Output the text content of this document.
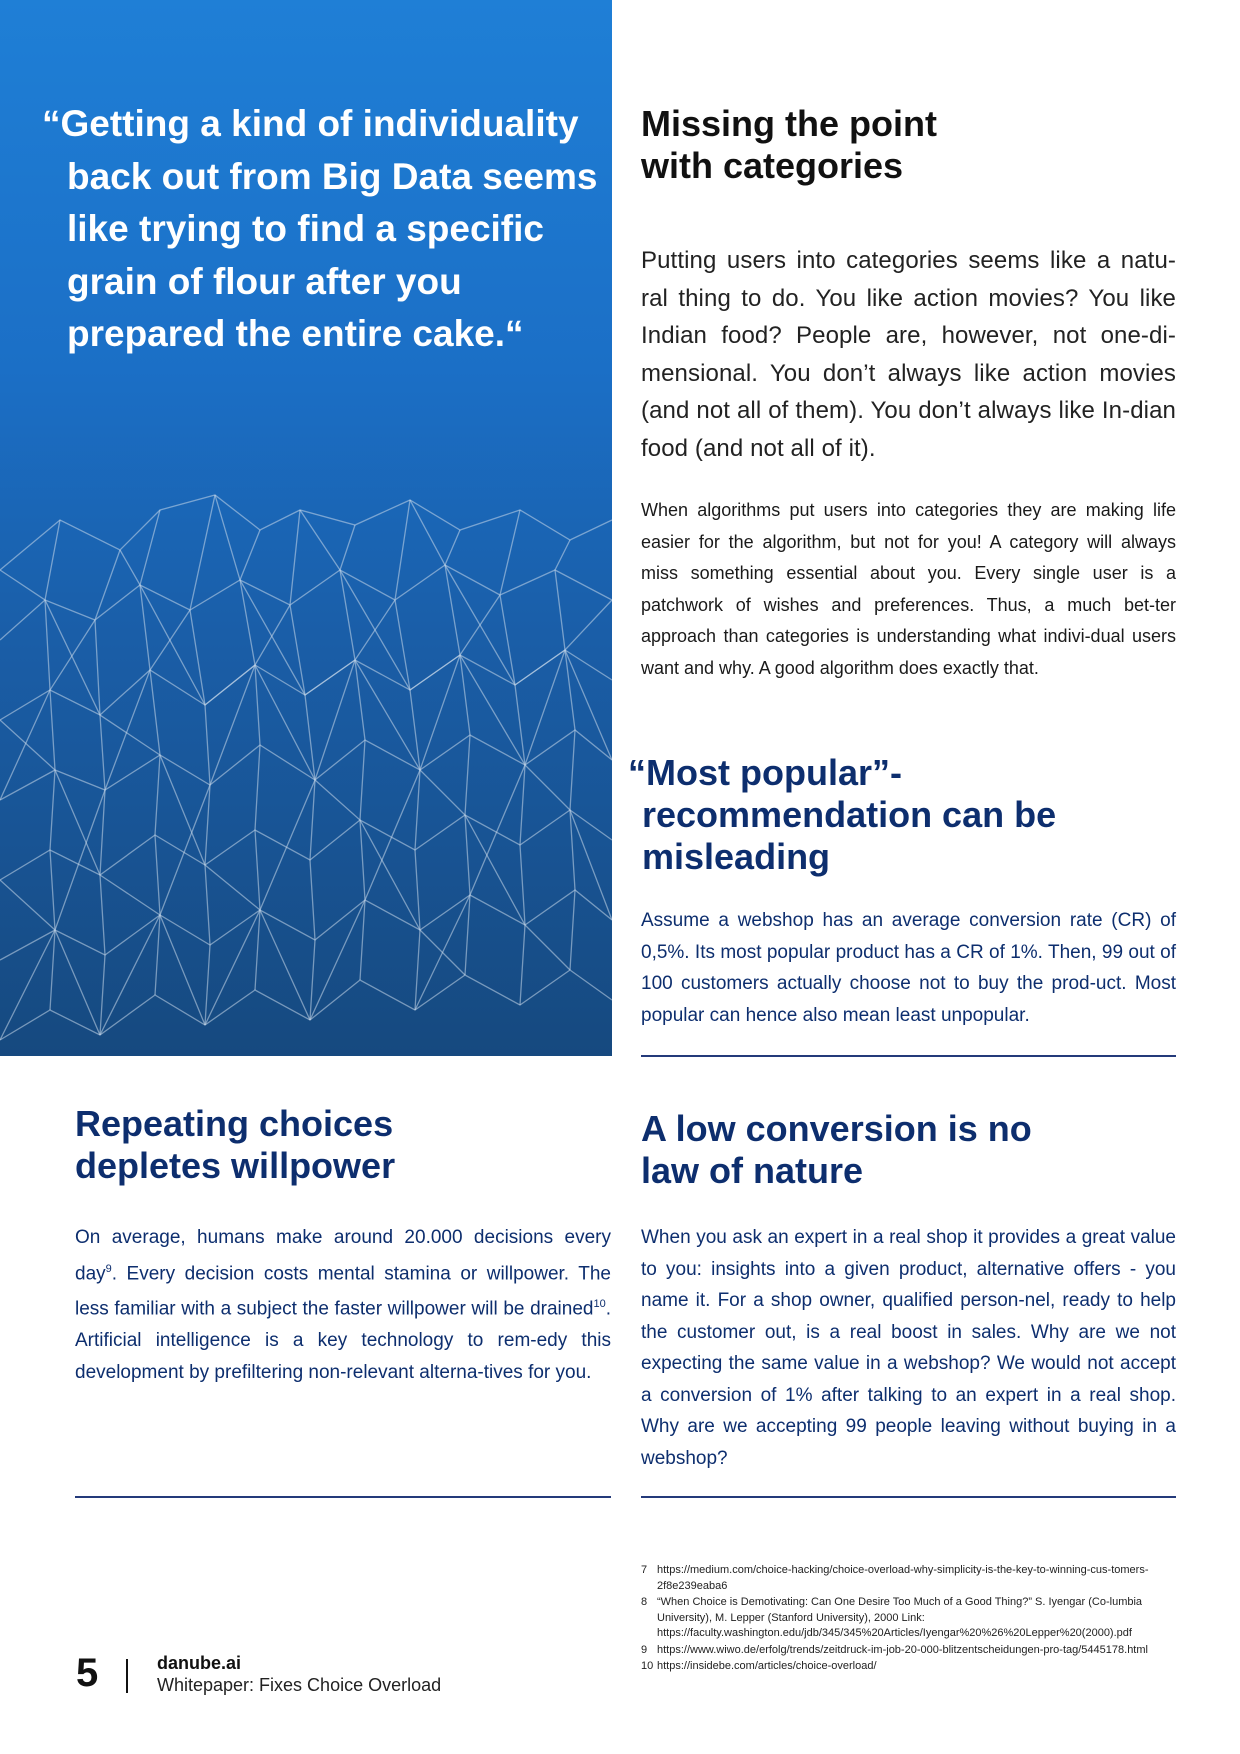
“Getting a kind of individuality back out from Big Data seems like trying to find a specific grain of flour after you prepared the entire cake.“
Missing the point
with categories
Putting users into categories seems like a natu-ral thing to do. You like action movies? You like Indian food? People are, however, not one-di-mensional. You don’t always like action movies (and not all of them). You don’t always like In-dian food (and not all of it).
When algorithms put users into categories they are making life easier for the algorithm, but not for you! A category will always miss something essential about you. Every single user is a patchwork of wishes and preferences. Thus, a much bet-ter approach than categories is understanding what indivi-dual users want and why. A good algorithm does exactly that.
“Most popular”-
recommendation can be
misleading
Assume a webshop has an average conversion rate (CR) of 0,5%. Its most popular product has a CR of 1%. Then, 99 out of 100 customers actually choose not to buy the prod-uct. Most popular can hence also mean least unpopular.
Repeating choices
depletes willpower
On average, humans make around 20.000 decisions every day$^9$. Every decision costs mental stamina or willpower. The less familiar with a subject the faster willpower will be drained$^{10}$. Artificial intelligence is a key technology to rem-edy this development by prefiltering non-relevant alterna-tives for you.
A low conversion is no
law of nature
When you ask an expert in a real shop it provides a great value to you: insights into a given product, alternative offers - you name it. For a shop owner, qualified person-nel, ready to help the customer out, is a real boost in sales. Why are we not expecting the same value in a webshop? We would not accept a conversion of 1% after talking to an expert in a real shop. Why are we accepting 99 people leaving without buying in a webshop?
7 https://medium.com/choice-hacking/choice-overload-why-simplicity-is-the-key-to-winning-cus-tomers-2f8e239eaba6
8 “When Choice is Demotivating: Can One Desire Too Much of a Good Thing?” S. Iyengar (Co-lumbia University), M. Lepper (Stanford University), 2000 Link: https://faculty.washington.edu/jdb/345/345%20Articles/Iyengar%20%26%20Lepper%20(2000).pdf
9 https://www.wiwo.de/erfolg/trends/zeitdruck-im-job-20-000-blitzentscheidungen-pro-tag/5445178.html
10 https://insidebe.com/articles/choice-overload/
5	danube.ai
Whitepaper: Fixes Choice Overload
